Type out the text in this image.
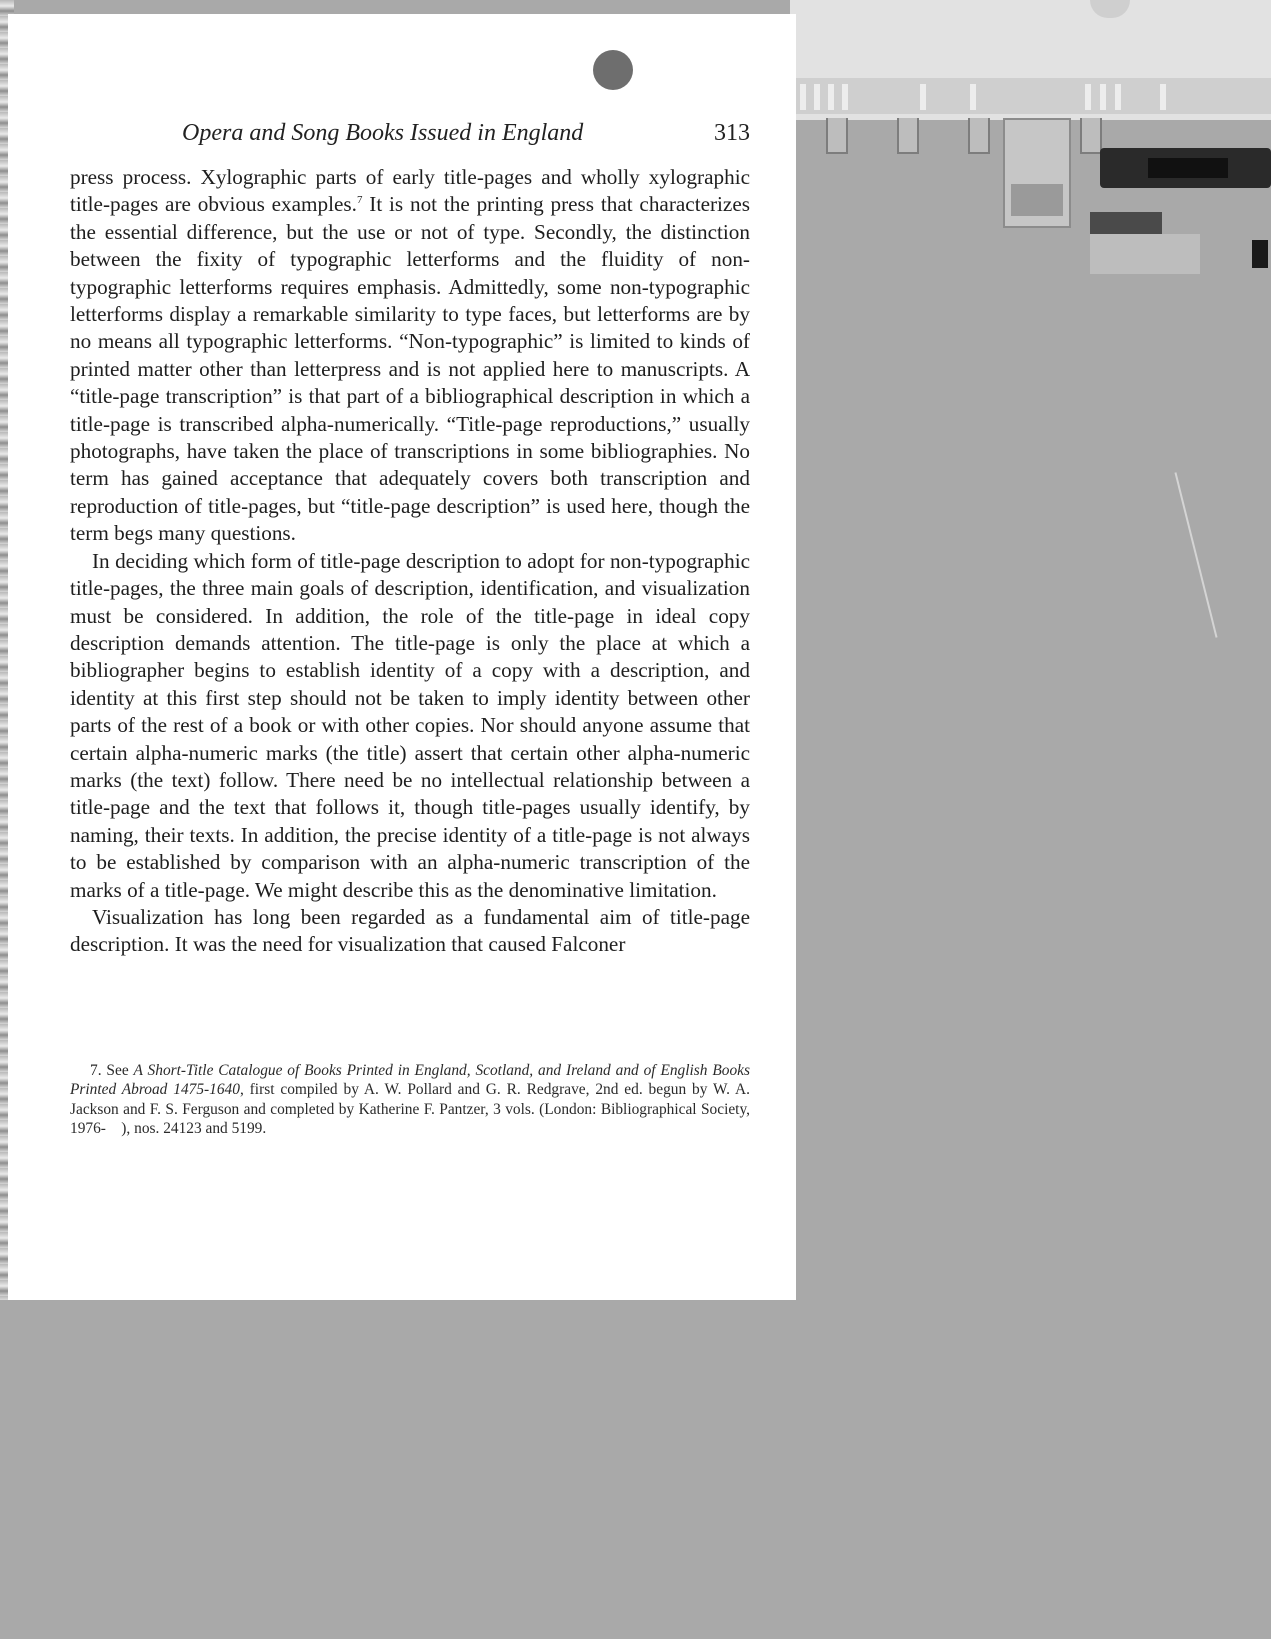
Opera and Song Books Issued in England	313

press process. Xylographic parts of early title-pages and wholly xylographic title-pages are obvious examples.$^7$ It is not the printing press that characterizes the essential difference, but the use or not of type. Secondly, the distinction between the fixity of typographic letterforms and the fluidity of non-typographic letterforms requires emphasis. Admittedly, some non-typographic letterforms display a remarkable similarity to type faces, but letterforms are by no means all typographic letterforms. “Non-typographic” is limited to kinds of printed matter other than letterpress and is not applied here to manuscripts. A “title-page transcription” is that part of a bibliographical description in which a title-page is transcribed alpha-numerically. “Title-page reproductions,” usually photographs, have taken the place of transcriptions in some bibliographies. No term has gained acceptance that adequately covers both transcription and reproduction of title-pages, but “title-page description” is used here, though the term begs many questions.

In deciding which form of title-page description to adopt for non-typographic title-pages, the three main goals of description, identification, and visualization must be considered. In addition, the role of the title-page in ideal copy description demands attention. The title-page is only the place at which a bibliographer begins to establish identity of a copy with a description, and identity at this first step should not be taken to imply identity between other parts of the rest of a book or with other copies. Nor should anyone assume that certain alpha-numeric marks (the title) assert that certain other alpha-numeric marks (the text) follow. There need be no intellectual relationship between a title-page and the text that follows it, though title-pages usually identify, by naming, their texts. In addition, the precise identity of a title-page is not always to be established by comparison with an alpha-numeric transcription of the marks of a title-page. We might describe this as the denominative limitation.

Visualization has long been regarded as a fundamental aim of title-page description. It was the need for visualization that caused Falconer

7. See A Short-Title Catalogue of Books Printed in England, Scotland, and Ireland and of English Books Printed Abroad 1475-1640, first compiled by A. W. Pollard and G. R. Redgrave, 2nd ed. begun by W. A. Jackson and F. S. Ferguson and completed by Katherine F. Pantzer, 3 vols. (London: Bibliographical Society, 1976- ), nos. 24123 and 5199.
